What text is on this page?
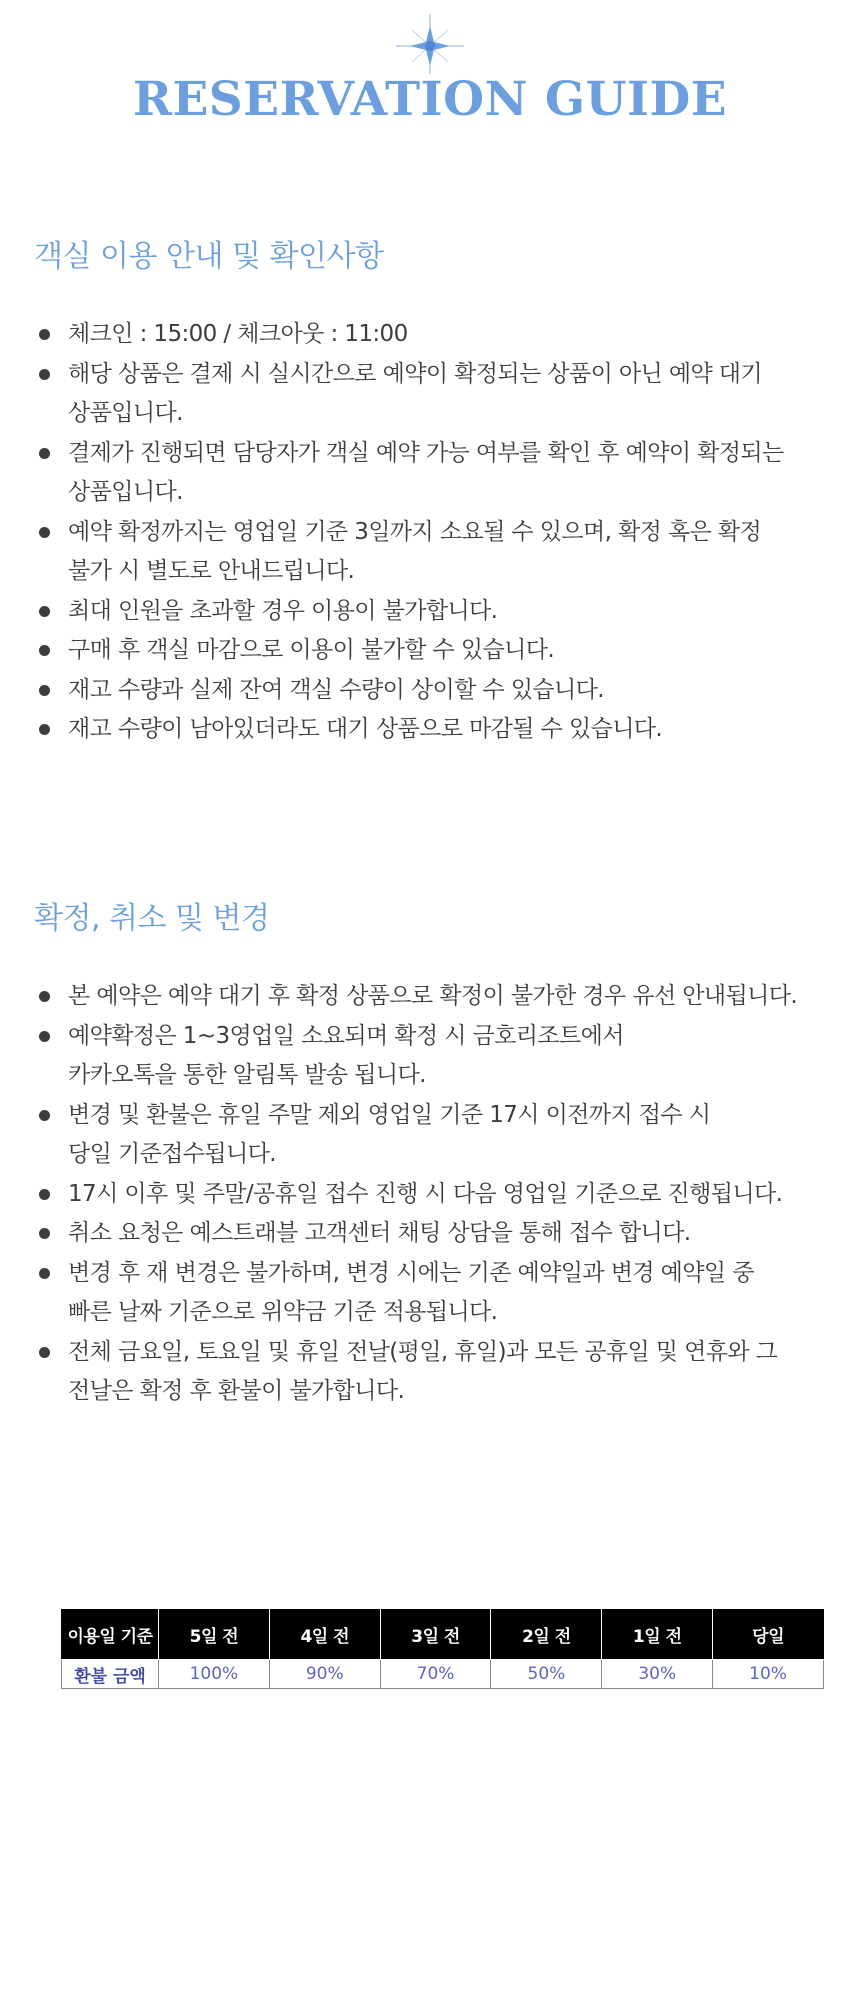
RESERVATION GUIDE
객실 이용 안내 및 확인사항
체크인 : 15:00 / 체크아웃 : 11:00
해당 상품은 결제 시 실시간으로 예약이 확정되는 상품이 아닌 예약 대기
상품입니다.
결제가 진행되면 담당자가 객실 예약 가능 여부를 확인 후 예약이 확정되는
상품입니다.
예약 확정까지는 영업일 기준 3일까지 소요될 수 있으며, 확정 혹은 확정
불가 시 별도로 안내드립니다.
최대 인원을 초과할 경우 이용이 불가합니다.
구매 후 객실 마감으로 이용이 불가할 수 있습니다.
재고 수량과 실제 잔여 객실 수량이 상이할 수 있습니다.
재고 수량이 남아있더라도 대기 상품으로 마감될 수 있습니다.
확정, 취소 및 변경
본 예약은 예약 대기 후 확정 상품으로 확정이 불가한 경우 유선 안내됩니다.
예약확정은 1~3영업일 소요되며 확정 시 금호리조트에서
카카오톡을 통한 알림톡 발송 됩니다.
변경 및 환불은 휴일 주말 제외 영업일 기준 17시 이전까지 접수 시
당일 기준접수됩니다.
17시 이후 및 주말/공휴일 접수 진행 시 다음 영업일 기준으로 진행됩니다.
취소 요청은 예스트래블 고객센터 채팅 상담을 통해 접수 합니다.
변경 후 재 변경은 불가하며, 변경 시에는 기존 예약일과 변경 예약일 중
빠른 날짜 기준으로 위약금 기준 적용됩니다.
전체 금요일, 토요일 및 휴일 전날(평일, 휴일)과 모든 공휴일 및 연휴와 그
전날은 확정 후 환불이 불가합니다.
이용일 기준	5일 전	4일 전	3일 전	2일 전	1일 전	당일
환불 금액	100%	90%	70%	50%	30%	10%
